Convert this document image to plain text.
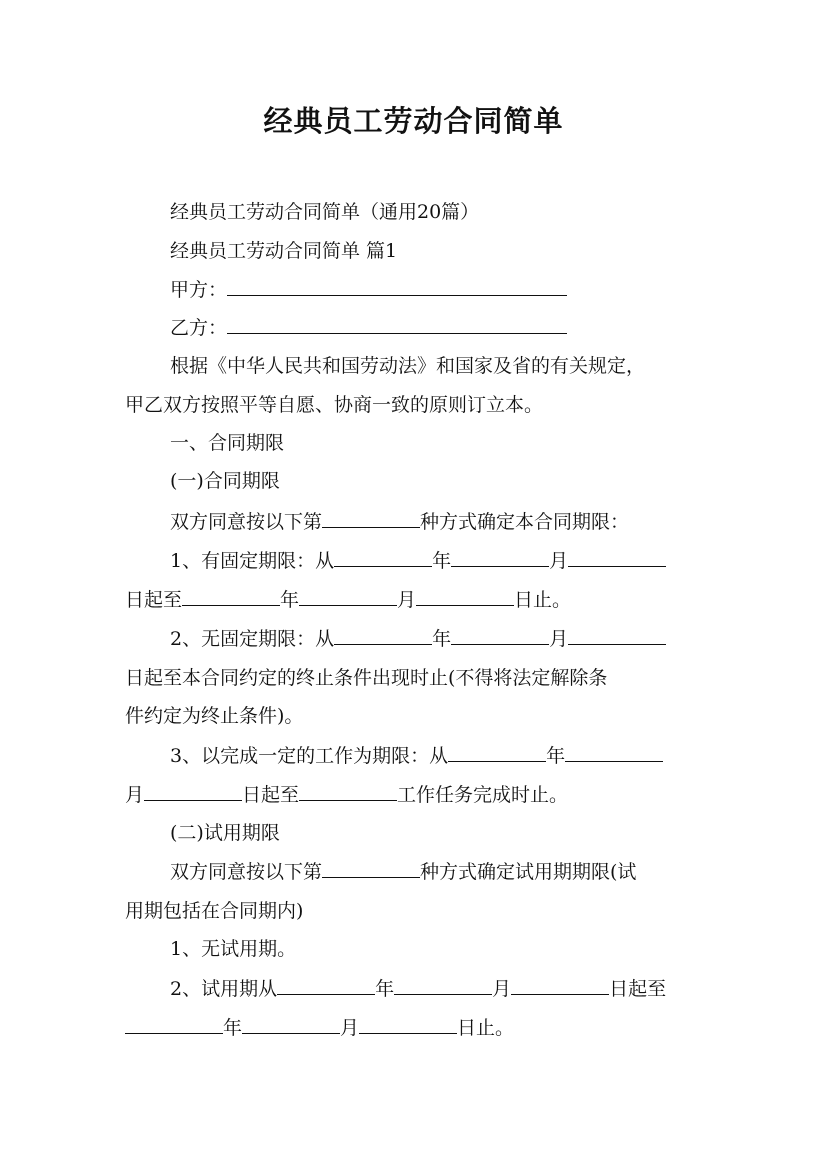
经典员工劳动合同简单
经典员工劳动合同简单（通用20篇）
经典员工劳动合同简单 篇1
甲方：
乙方：
根据《中华人民共和国劳动法》和国家及省的有关规定，
甲乙双方按照平等自愿、协商一致的原则订立本。
一、合同期限
(一)合同期限
双方同意按以下第	种方式确定本合同期限：
1、有固定期限：从	年	月
日起至	年	月	日止。
2、无固定期限：从	年	月
日起至本合同约定的终止条件出现时止(不得将法定解除条
件约定为终止条件)。
3、以完成一定的工作为期限：从	年
月	日起至	工作任务完成时止。
(二)试用期限
双方同意按以下第	种方式确定试用期期限(试
用期包括在合同期内)
1、无试用期。
2、试用期从	年	月	日起至
年	月	日止。
